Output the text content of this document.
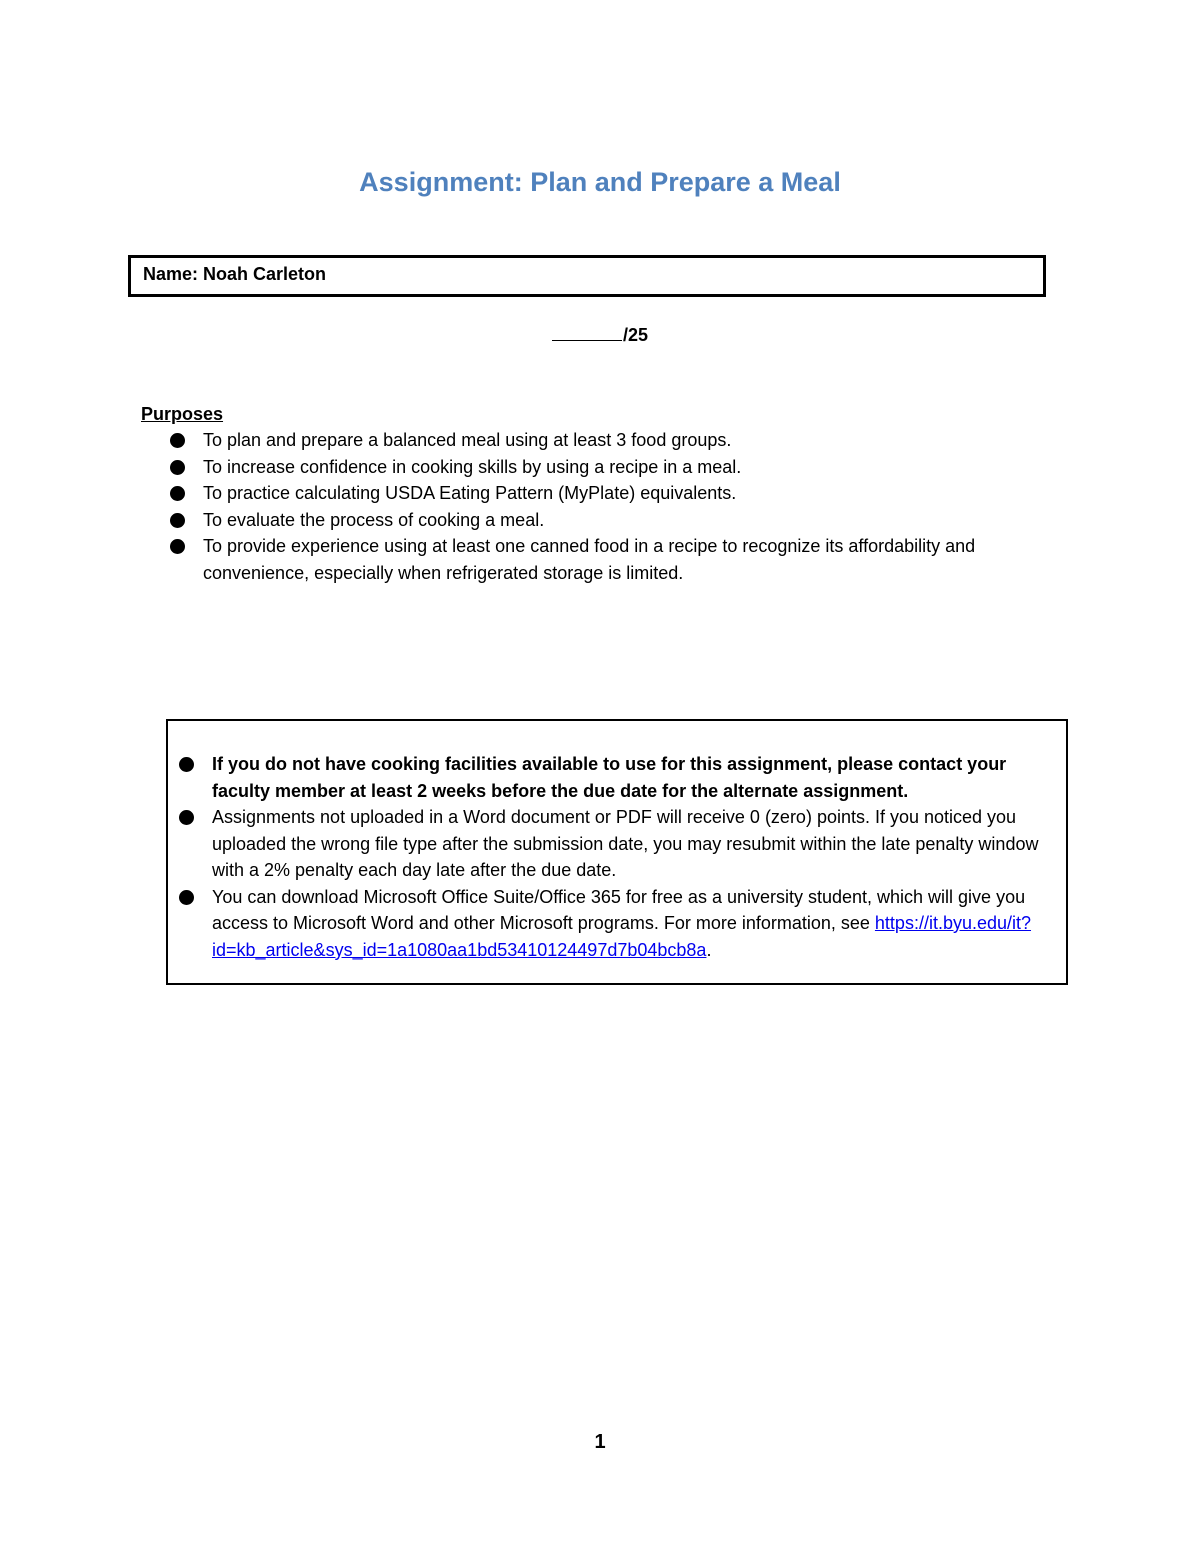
Assignment: Plan and Prepare a Meal
Name: Noah Carleton
/25

Purposes

To plan and prepare a balanced meal using at least 3 food groups.
To increase confidence in cooking skills by using a recipe in a meal.
To practice calculating USDA Eating Pattern (MyPlate) equivalents.
To evaluate the process of cooking a meal.
To provide experience using at least one canned food in a recipe to recognize its affordability and convenience, especially when refrigerated storage is limited.
If you do not have cooking facilities available to use for this assignment, please contact your faculty member at least 2 weeks before the due date for the alternate assignment.
Assignments not uploaded in a Word document or PDF will receive 0 (zero) points. If you noticed you uploaded the wrong file type after the submission date, you may resubmit within the late penalty window with a 2% penalty each day late after the due date.
You can download Microsoft Office Suite/Office 365 for free as a university student, which will give you access to Microsoft Word and other Microsoft programs. For more information, see https://it.byu.edu/it?id=kb_article&sys_id=1a1080aa1bd53410124497d7b04bcb8a.
1
